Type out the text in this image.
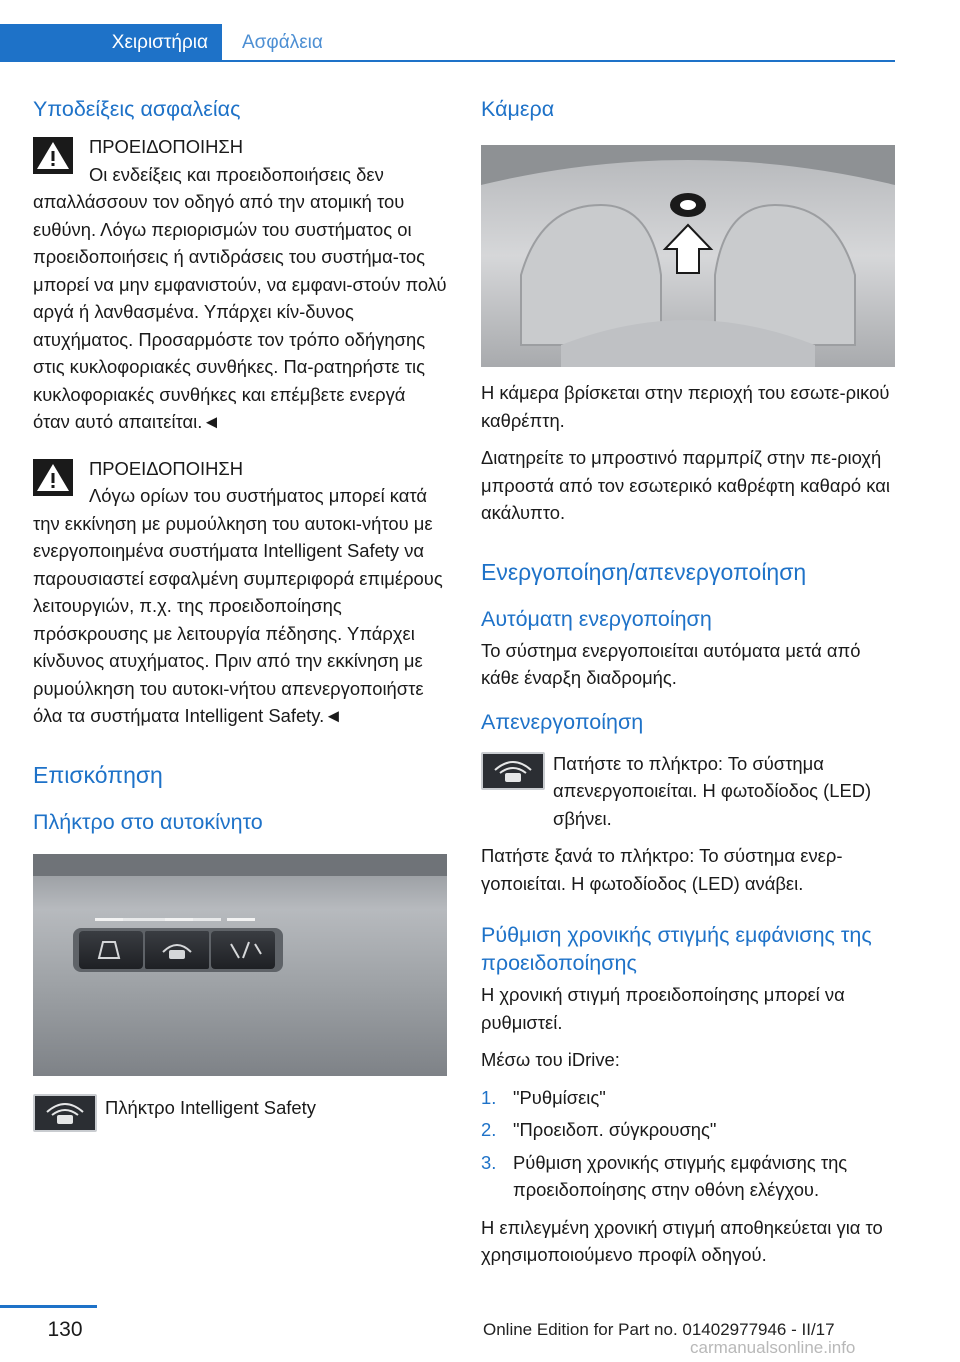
Χειριστήρια Ασφάλεια
Υποδείξεις ασφαλείας
ΠΡΟΕΙΔΟΠΟΙΗΣΗ
Οι ενδείξεις και προειδοποιήσεις δεν απαλλάσσουν τον οδηγό από την ατομική του ευθύνη. Λόγω περιορισμών του συστήματος οι προειδοποιήσεις ή αντιδράσεις του συστήμα-τος μπορεί να μην εμφανιστούν, να εμφανι-στούν πολύ αργά ή λανθασμένα. Υπάρχει κίν-δυνος ατυχήματος. Προσαρμόστε τον τρόπο οδήγησης στις κυκλοφοριακές συνθήκες. Πα-ρατηρήστε τις κυκλοφοριακές συνθήκες και επέμβετε ενεργά όταν αυτό απαιτείται.◄
ΠΡΟΕΙΔΟΠΟΙΗΣΗ
Λόγω ορίων του συστήματος μπορεί κατά την εκκίνηση με ρυμούλκηση του αυτοκι-νήτου με ενεργοποιημένα συστήματα Intelligent Safety να παρουσιαστεί εσφαλμένη συμπεριφορά επιμέρους λειτουργιών, π.χ. της προειδοποίησης πρόσκρουσης με λειτουργία πέδησης. Υπάρχει κίνδυνος ατυχήματος. Πριν από την εκκίνηση με ρυμούλκηση του αυτοκι-νήτου απενεργοποιήστε όλα τα συστήματα Intelligent Safety.◄
Επισκόπηση
Πλήκτρο στο αυτοκίνητο
Πλήκτρο Intelligent Safety
Κάμερα
Η κάμερα βρίσκεται στην περιοχή του εσωτε-ρικού καθρέπτη.
Διατηρείτε το μπροστινό παρμπρίζ στην πε-ριοχή μπροστά από τον εσωτερικό καθρέφτη καθαρό και ακάλυπτο.
Ενεργοποίηση/απενεργοποίηση
Αυτόματη ενεργοποίηση
Το σύστημα ενεργοποιείται αυτόματα μετά από κάθε έναρξη διαδρομής.
Απενεργοποίηση
Πατήστε το πλήκτρο: Το σύστημα απενεργοποιείται. Η φωτοδίοδος (LED) σβήνει.
Πατήστε ξανά το πλήκτρο: Το σύστημα ενερ-γοποιείται. Η φωτοδίοδος (LED) ανάβει.
Ρύθμιση χρονικής στιγμής εμφάνισης της προειδοποίησης
Η χρονική στιγμή προειδοποίησης μπορεί να ρυθμιστεί.
Μέσω του iDrive:
1. "Ρυθμίσεις"
2. "Προειδοπ. σύγκρουσης"
3. Ρύθμιση χρονικής στιγμής εμφάνισης της προειδοποίησης στην οθόνη ελέγχου.
Η επιλεγμένη χρονική στιγμή αποθηκεύεται για το χρησιμοποιούμενο προφίλ οδηγού.
130	Online Edition for Part no. 01402977946 - II/17
carmanualsonline.info
